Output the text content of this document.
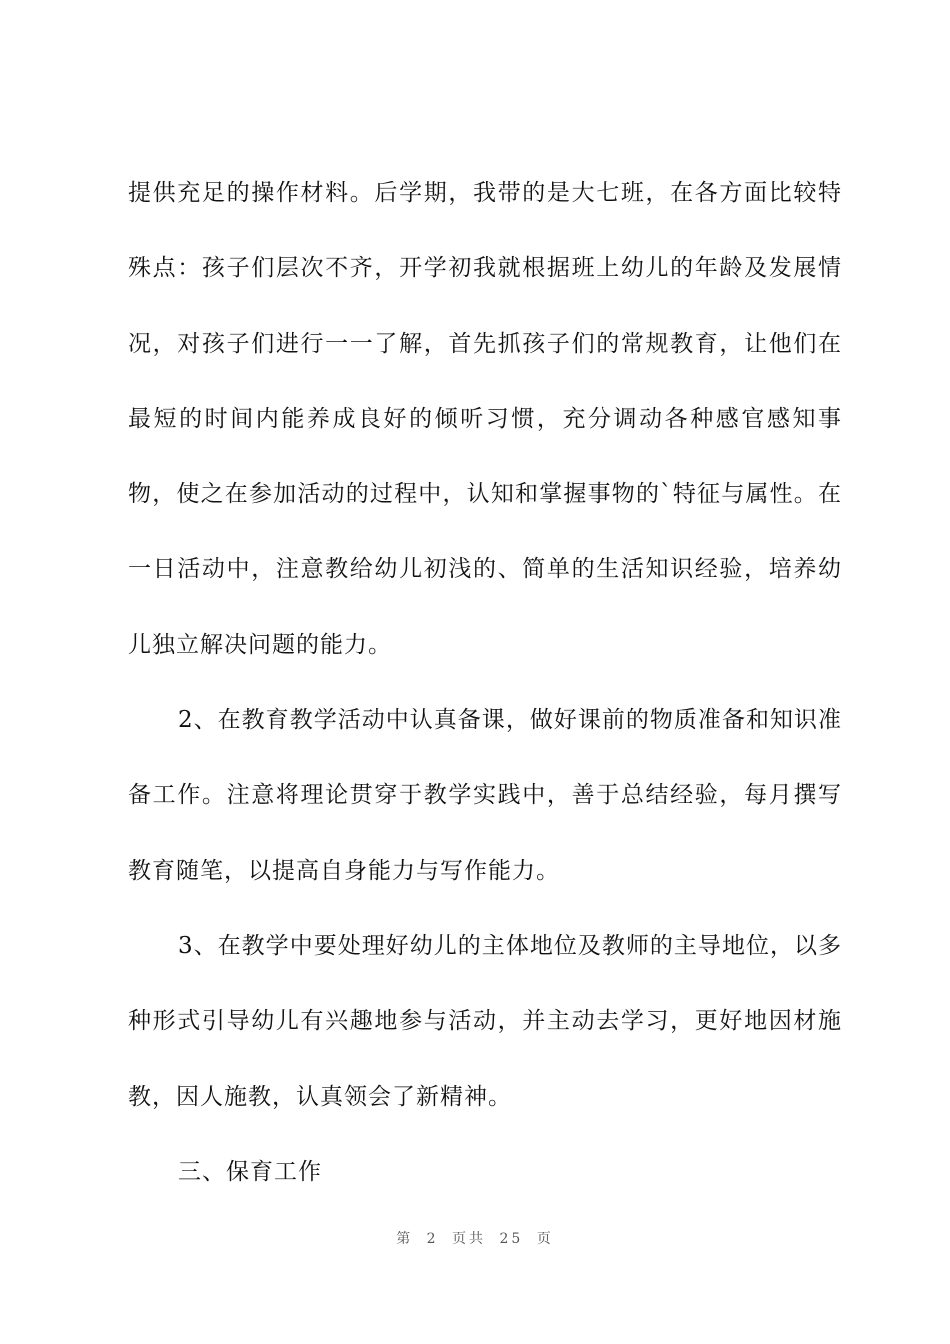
提供充足的操作材料。后学期，我带的是大七班，在各方面比较特殊点：孩子们层次不齐，开学初我就根据班上幼儿的年龄及发展情况，对孩子们进行一一了解，首先抓孩子们的常规教育，让他们在最短的时间内能养成良好的倾听习惯，充分调动各种感官感知事物，使之在参加活动的过程中，认知和掌握事物的`特征与属性。在一日活动中，注意教给幼儿初浅的、简单的生活知识经验，培养幼儿独立解决问题的能力。

2、在教育教学活动中认真备课，做好课前的物质准备和知识准备工作。注意将理论贯穿于教学实践中，善于总结经验，每月撰写教育随笔，以提高自身能力与写作能力。

3、在教学中要处理好幼儿的主体地位及教师的主导地位，以多种形式引导幼儿有兴趣地参与活动，并主动去学习，更好地因材施教，因人施教，认真领会了新精神。

三、保育工作

第 2 页共 25 页
